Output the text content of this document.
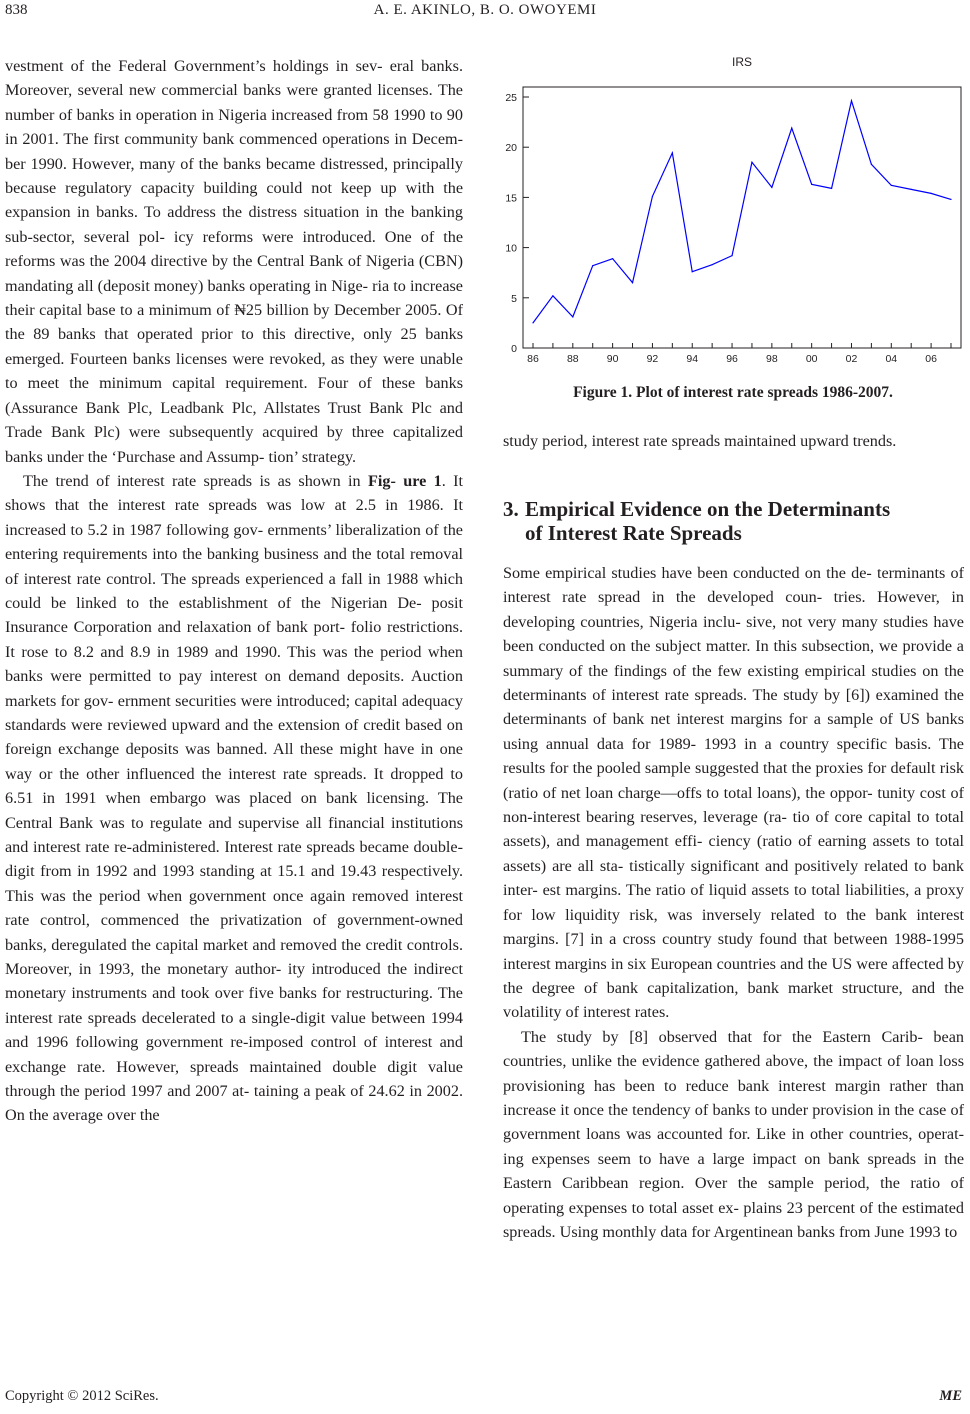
838	A. E. AKINLO, B. O. OWOYEMI

vestment of the Federal Government’s holdings in sev- eral banks. Moreover, several new commercial banks were granted licenses. The number of banks in operation in Nigeria increased from 58 1990 to 90 in 2001. The first community bank commenced operations in Decem- ber 1990. However, many of the banks became distressed, principally because regulatory capacity building could not keep up with the expansion in banks. To address the distress situation in the banking sub-sector, several pol- icy reforms were introduced. One of the reforms was the 2004 directive by the Central Bank of Nigeria (CBN) mandating all (deposit money) banks operating in Nige- ria to increase their capital base to a minimum of ₦25 billion by December 2005. Of the 89 banks that operated prior to this directive, only 25 banks emerged. Fourteen banks licenses were revoked, as they were unable to meet the minimum capital requirement. Four of these banks (Assurance Bank Plc, Leadbank Plc, Allstates Trust Bank Plc and Trade Bank Plc) were subsequently acquired by three capitalized banks under the ‘Purchase and Assump- tion’ strategy.

The trend of interest rate spreads is as shown in Fig- ure 1. It shows that the interest rate spreads was low at 2.5 in 1986. It increased to 5.2 in 1987 following gov- ernments’ liberalization of the entering requirements into the banking business and the total removal of interest rate control. The spreads experienced a fall in 1988 which could be linked to the establishment of the Nigerian De- posit Insurance Corporation and relaxation of bank port- folio restrictions. It rose to 8.2 and 8.9 in 1989 and 1990. This was the period when banks were permitted to pay interest on demand deposits. Auction markets for gov- ernment securities were introduced; capital adequacy standards were reviewed upward and the extension of credit based on foreign exchange deposits was banned. All these might have in one way or the other influenced the interest rate spreads. It dropped to 6.51 in 1991 when embargo was placed on bank licensing. The Central Bank was to regulate and supervise all financial institutions and interest rate re-administered. Interest rate spreads became double-digit from in 1992 and 1993 standing at 15.1 and 19.43 respectively. This was the period when government once again removed interest rate control, commenced the privatization of government-owned banks, deregulated the capital market and removed the credit controls. Moreover, in 1993, the monetary author- ity introduced the indirect monetary instruments and took over five banks for restructuring. The interest rate spreads decelerated to a single-digit value between 1994 and 1996 following government re-imposed control of interest and exchange rate. However, spreads maintained double digit value through the period 1997 and 2007 at- taining a peak of 24.62 in 2002. On the average over the

IRS
0
5
10
15
20
25
86	88	90	92	94	96	98	00	02	04	06
Figure 1. Plot of interest rate spreads 1986-2007.

study period, interest rate spreads maintained upward trends.

3. Empirical Evidence on the Determinants
of Interest Rate Spreads

Some empirical studies have been conducted on the de- terminants of interest rate spread in the developed coun- tries. However, in developing countries, Nigeria inclu- sive, not very many studies have been conducted on the subject matter. In this subsection, we provide a summary of the findings of the few existing empirical studies on the determinants of interest rate spreads. The study by [6]) examined the determinants of bank net interest margins for a sample of US banks using annual data for 1989- 1993 in a country specific basis. The results for the pooled sample suggested that the proxies for default risk (ratio of net loan charge—offs to total loans), the oppor- tunity cost of non-interest bearing reserves, leverage (ra- tio of core capital to total assets), and management effi- ciency (ratio of earning assets to total assets) are all sta- tistically significant and positively related to bank inter- est margins. The ratio of liquid assets to total liabilities, a proxy for low liquidity risk, was inversely related to the bank interest margins. [7] in a cross country study found that between 1988-1995 interest margins in six European countries and the US were affected by the degree of bank capitalization, bank market structure, and the volatility of interest rates.

The study by [8] observed that for the Eastern Carib- bean countries, unlike the evidence gathered above, the impact of loan loss provisioning has been to reduce bank interest margin rather than increase it once the tendency of banks to under provision in the case of government loans was accounted for. Like in other countries, operat- ing expenses seem to have a large impact on bank spreads in the Eastern Caribbean region. Over the sample period, the ratio of operating expenses to total asset ex- plains 23 percent of the estimated spreads. Using monthly data for Argentinean banks from June 1993 to

Copyright © 2012 SciRes.	ME
